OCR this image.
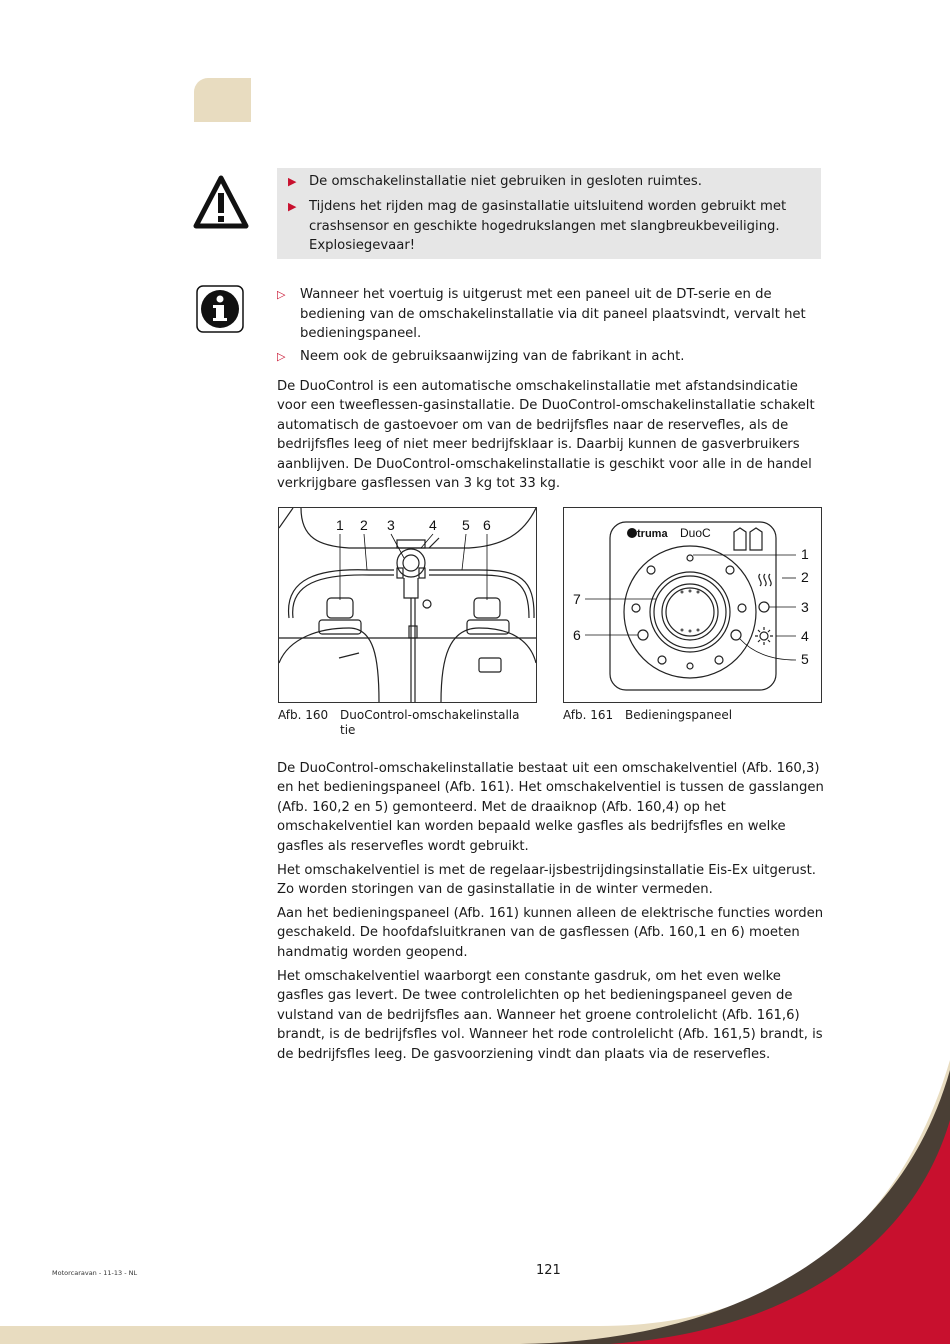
▶ De omschakelinstallatie niet gebruiken in gesloten ruimtes.
▶ Tijdens het rijden mag de gasinstallatie uitsluitend worden gebruikt met crashsensor en geschikte hogedrukslangen met slangbreukbeveiliging. Explosiegevaar!
▷ Wanneer het voertuig is uitgerust met een paneel uit de DT-serie en de bediening van de omschakelinstallatie via dit paneel plaatsvindt, vervalt het bedieningspaneel.
▷ Neem ook de gebruiksaanwijzing van de fabrikant in acht.
De DuoControl is een automatische omschakelinstallatie met afstandsindicatie voor een tweeflessen-gasinstallatie. De DuoControl-omschakelinstallatie schakelt automatisch de gastoevoer om van de bedrijfsfles naar de reservefles, als de bedrijfsfles leeg of niet meer bedrijfsklaar is. Daarbij kunnen de gasverbruikers aanblijven. De DuoControl-omschakelinstallatie is geschikt voor alle in de handel verkrijgbare gasflessen van 3 kg tot 33 kg.
1 2 3 4 5 6
Afb. 160 DuoControl-omschakelinstallatie
truma DuoC
1
2
3
4
5
6
7
Afb. 161 Bedieningspaneel
De DuoControl-omschakelinstallatie bestaat uit een omschakelventiel (Afb. 160,3) en het bedieningspaneel (Afb. 161). Het omschakelventiel is tussen de gasslangen (Afb. 160,2 en 5) gemonteerd. Met de draaiknop (Afb. 160,4) op het omschakelventiel kan worden bepaald welke gasfles als bedrijfsfles en welke gasfles als reservefles wordt gebruikt.
Het omschakelventiel is met de regelaar-ijsbestrijdingsinstallatie Eis-Ex uitgerust. Zo worden storingen van de gasinstallatie in de winter vermeden.
Aan het bedieningspaneel (Afb. 161) kunnen alleen de elektrische functies worden geschakeld. De hoofdafsluitkranen van de gasflessen (Afb. 160,1 en 6) moeten handmatig worden geopend.
Het omschakelventiel waarborgt een constante gasdruk, om het even welke gasfles gas levert. De twee controlelichten op het bedieningspaneel geven de vulstand van de bedrijfsfles aan. Wanneer het groene controlelicht (Afb. 161,6) brandt, is de bedrijfsfles vol. Wanneer het rode controlelicht (Afb. 161,5) brandt, is de bedrijfsfles leeg. De gasvoorziening vindt dan plaats via de reservefles.
Motorcaravan - 11-13 - NL	121
